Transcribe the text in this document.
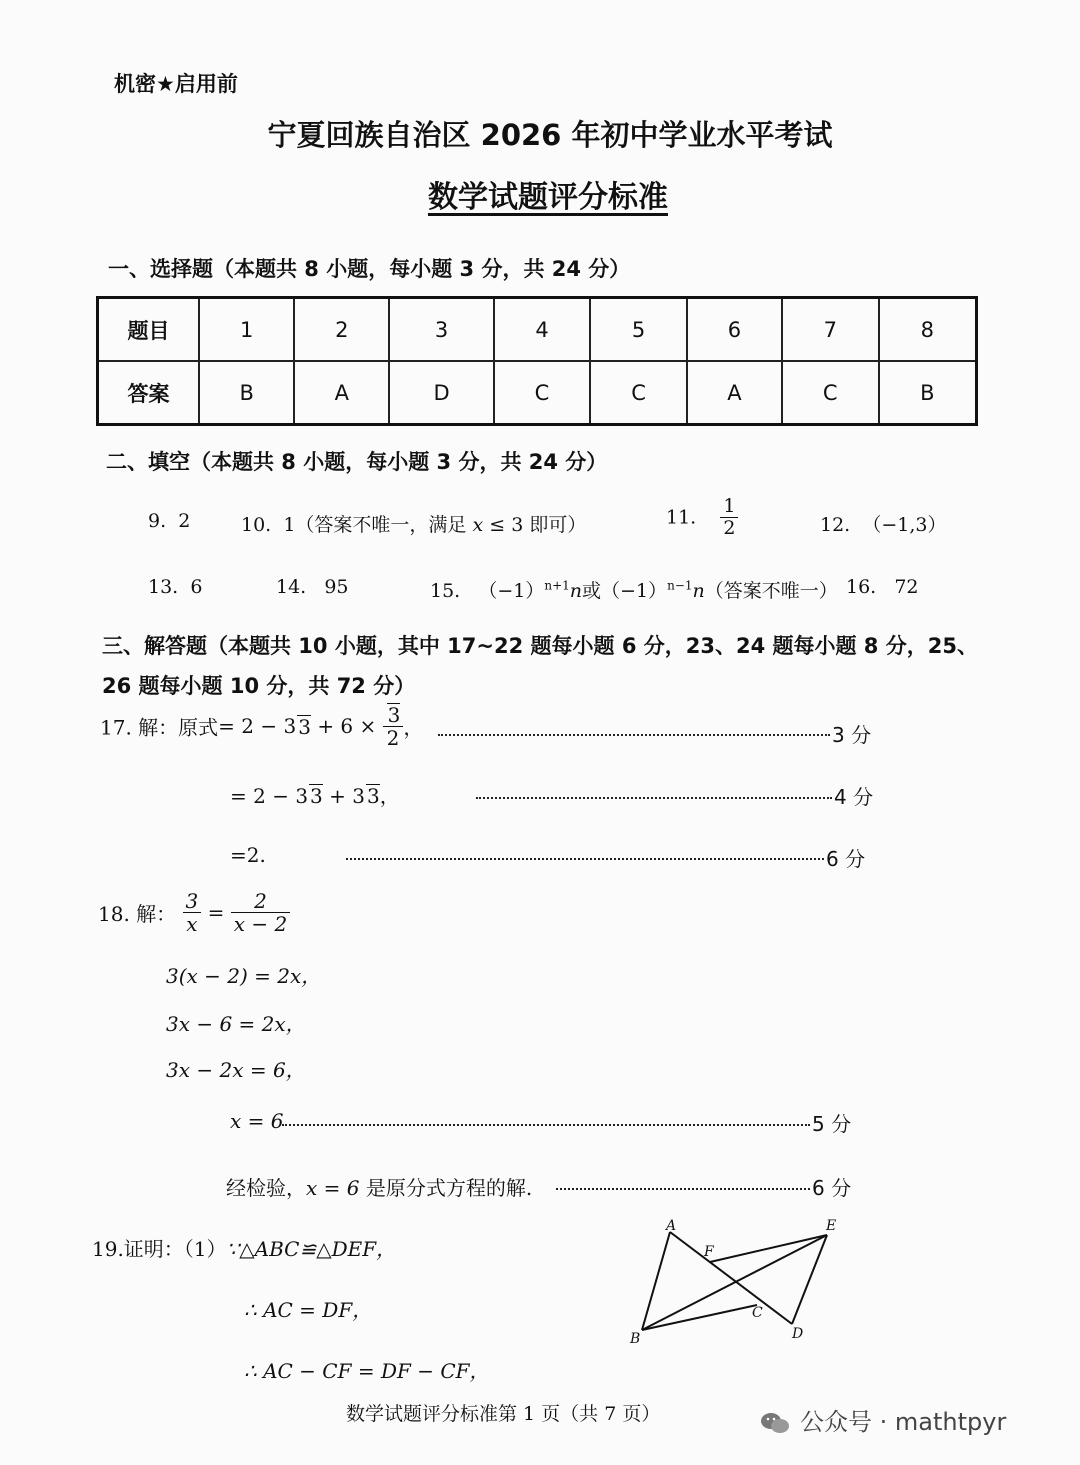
机密★启用前
宁夏回族自治区 2026 年初中学业水平考试
数学试题评分标准
一、选择题（本题共 8 小题，每小题 3 分，共 24 分）
题目	1	2	3	4	5	6	7	8
答案	B	A	D	C	C	A	C	B
二、填空（本题共 8 小题，每小题 3 分，共 24 分）
9. 2	10. 1（答案不唯一，满足 x ≤ 3 即可）	11. $\frac{1}{2}$	12. （−1,3）
13. 6	14. 95	15. $(-1)^{n+1}n$或$(-1)^{n-1}n$（答案不唯一） 16. 72
三、解答题（本题共 10 小题，其中 17~22 题每小题 6 分，23、24 题每小题 8 分，25、26 题每小题 10 分，共 72 分）
17. 解：原式= 2 − 3 $3 + 6 \times \frac{3}{2}$ ，	3 分
= 2 − 3 3 + 3 3，	4 分
=2.	6 分
18. 解： $\frac{3}{x} = \frac{2}{x - 2}$
3(x − 2) = 2x，
3x − 6 = 2x，
3x − 2x = 6，
x = 6	5 分
经检验，x = 6 是原分式方程的解.	6 分
19.证明：（1）∵△ABC≌△DEF，
∴ AC = DF，
∴ AC − CF = DF − CF，
A
B
C
D
E
F
数学试题评分标准第 1 页（共 7 页）	公众号 · mathtpyr
